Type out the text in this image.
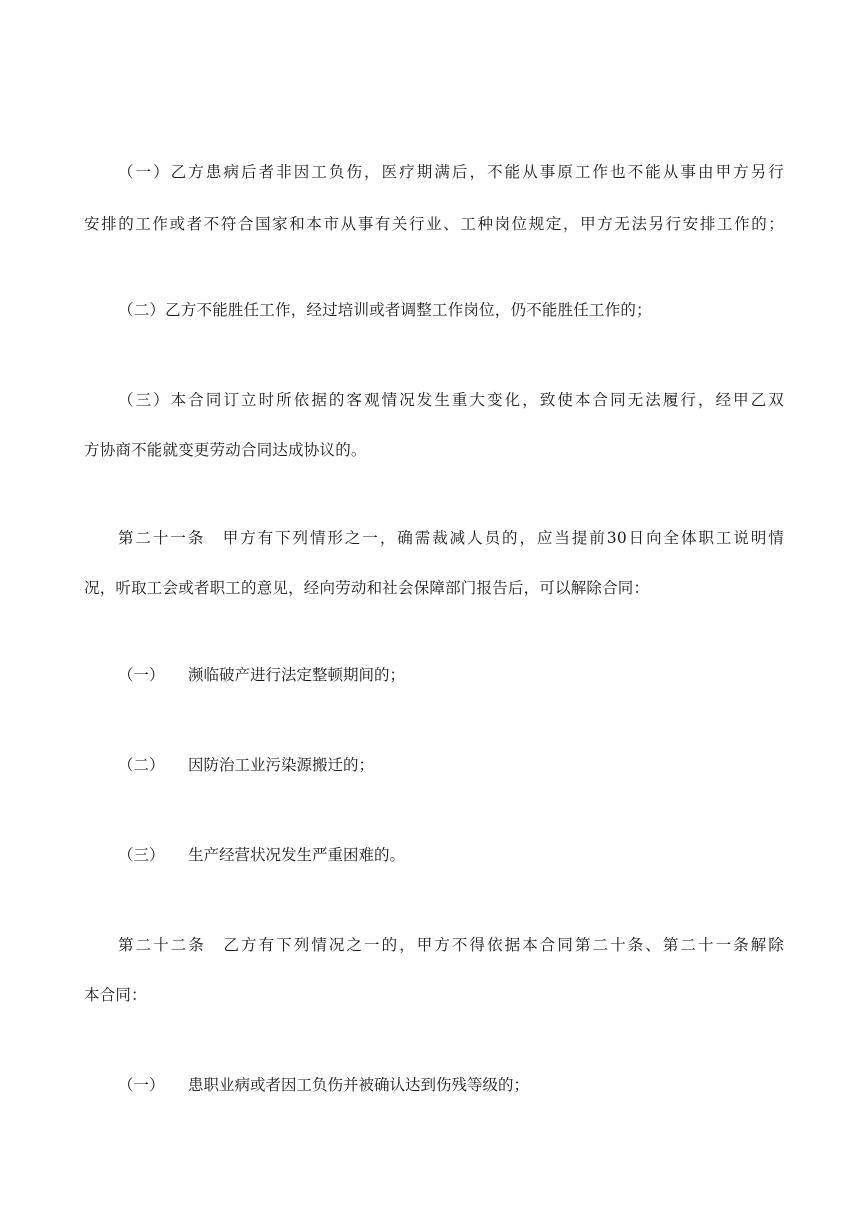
（一）乙方患病后者非因工负伤，医疗期满后，不能从事原工作也不能从事由甲方另行
安排的工作或者不符合国家和本市从事有关行业、工种岗位规定，甲方无法另行安排工作的；
（二）乙方不能胜任工作，经过培训或者调整工作岗位，仍不能胜任工作的；
（三）本合同订立时所依据的客观情况发生重大变化，致使本合同无法履行，经甲乙双
方协商不能就变更劳动合同达成协议的。
第二十一条　甲方有下列情形之一，确需裁减人员的，应当提前30日向全体职工说明情
况，听取工会或者职工的意见，经向劳动和社会保障部门报告后，可以解除合同：
（一） 濒临破产进行法定整顿期间的；
（二） 因防治工业污染源搬迁的；
（三） 生产经营状况发生严重困难的。
第二十二条　乙方有下列情况之一的，甲方不得依据本合同第二十条、第二十一条解除
本合同：
（一） 患职业病或者因工负伤并被确认达到伤残等级的；
